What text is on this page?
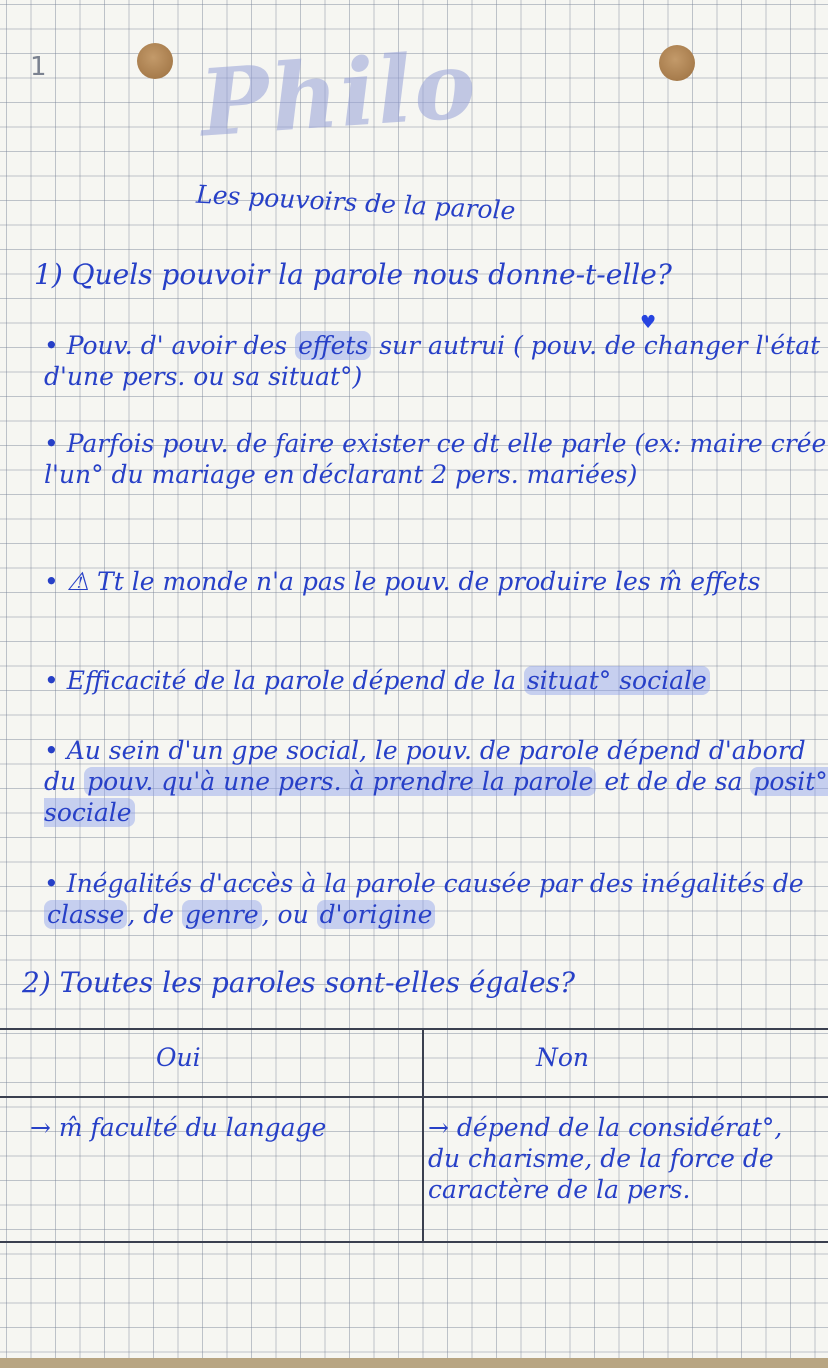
1 Philo
Les pouvoirs de la parole
1) Quels pouvoir la parole nous donne-t-elle?
♥
• Pouv. d' avoir des effets sur autrui ( pouv. de changer l'état d'une pers. ou sa situat°)
• Parfois pouv. de faire exister ce dt elle parle (ex: maire crée l'un° du mariage en déclarant 2 pers. mariées)
• ⚠ Tt le monde n'a pas le pouv. de produire les m̂ effets
• Efficacité de la parole dépend de la situat° sociale
• Au sein d'un gpe social, le pouv. de parole dépend d'abord du pouv. qu'à une pers. à prendre la parole et de de sa posit° sociale
• Inégalités d'accès à la parole causée par des inégalités de classe , de genre , ou d'origine
2) Toutes les paroles sont-elles égales?
Oui	Non
→ m̂ faculté du langage	→ dépend de la considérat°, du charisme, de la force de caractère de la pers.
